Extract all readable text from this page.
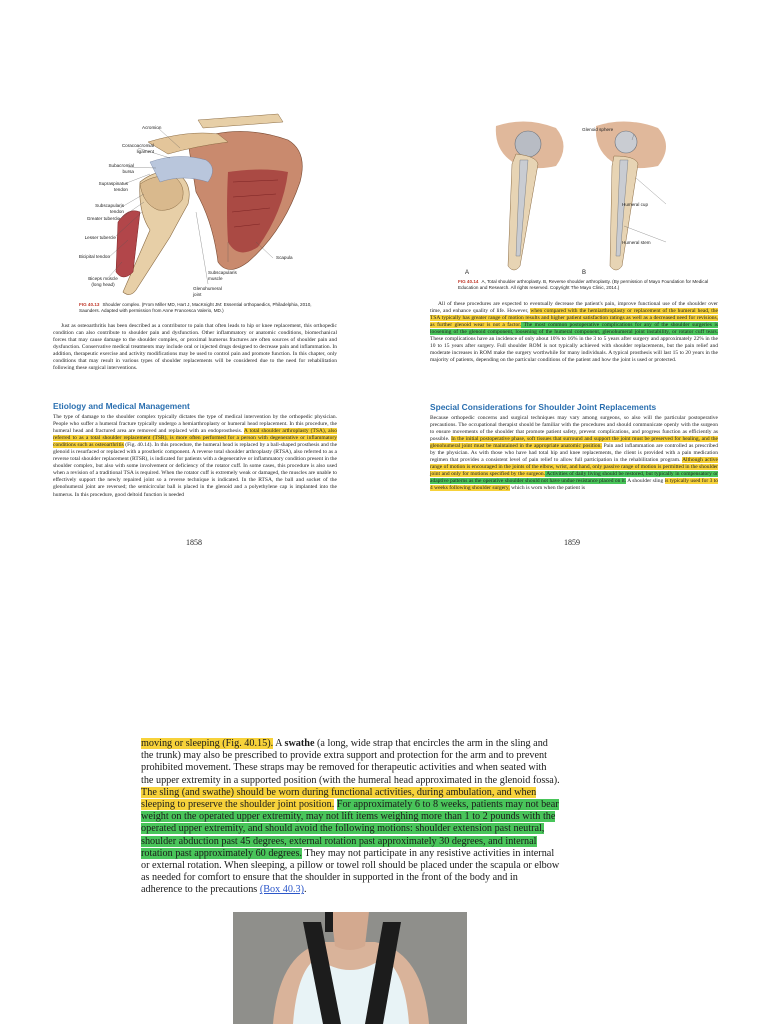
Acromion
Coracoacromial ligament
Subacromial bursa
Supraspinatus tendon
Subscapularis tendon
Greater tubercle
Lesser tubercle
Bicipital tendon
Biceps muscle (long head)
Glenohumeral joint
Subscapularis muscle
Scapula
FIG 40.13 Shoulder complex. (From Miller MD, Hart J, MacKnight JM: Essential orthopaedics, Philadelphia, 2010, Saunders. Adapted with permission from Anne Francesca Valerio, MD.)

Just as osteoarthritis has been described as a contributor to pain that often leads to hip or knee replacement, this orthopedic condition can also contribute to shoulder pain and dysfunction. Other inflammatory or anatomic conditions, biomechanical forces that may cause damage to the shoulder complex, or proximal humerus fractures are often sources of shoulder pain and dysfunction. Conservative medical treatments may include oral or injected drugs designed to decrease pain and inflammation. In addition, therapeutic exercise and activity modifications may be used to control pain and promote function. In this chapter, only conditions that may result in various types of shoulder replacements will be considered due to the need for rehabilitation following these surgical interventions.

Etiology and Medical Management

The type of damage to the shoulder complex typically dictates the type of medical intervention by the orthopedic physician. People who suffer a humeral fracture typically undergo a hemiarthroplasty or humeral head replacement. In this procedure, the humeral head and fractured area are removed and replaced with an endoprosthesis. A total shoulder arthroplasty (TSA), also referred to as a total shoulder replacement (TSR), is more often performed for a person with degenerative or inflammatory conditions such as osteoarthritis (Fig. 40.14). In this procedure, the humeral head is replaced by a ball-shaped prosthesis and the glenoid is resurfaced or replaced with a prosthetic component. A reverse total shoulder arthroplasty (RTSA), also referred to as a reverse total shoulder replacement (RTSR), is indicated for patients with a degenerative or inflammatory condition present in the shoulder complex, but also with some involvement or deficiency of the rotator cuff. In some cases, this procedure is also used when a revision of a traditional TSA is required. When the rotator cuff is extremely weak or damaged, the muscles are unable to effectively support the newly repaired joint so a reverse technique is indicated. In the RTSA, the ball and socket of the glenohumeral joint are reversed; the semicircular ball is placed in the glenoid and a polyethylene cap is implanted into the humerus. In this procedure, good deltoid function is needed

1858
Glenoid sphere
Humeral cup
Humeral stem
A	B
FIG 40.14 A, Total shoulder arthroplasty. B, Reverse shoulder arthroplasty. (By permission of Mayo Foundation for Medical Education and Research. All rights reserved. Copyright The Mayo Clinic, 2014.)

All of these procedures are expected to eventually decrease the patient's pain, improve functional use of the shoulder over time, and enhance quality of life. However, when compared with the hemiarthroplasty or replacement of the humeral head, the TSA typically has greater range of motion results and higher patient satisfaction ratings as well as a decreased need for revisions, as further glenoid wear is not a factor. The most common postoperative complications for any of the shoulder surgeries is loosening of the glenoid component, loosening of the humeral component, glenohumeral joint instability, or rotator cuff tears. These complications have an incidence of only about 10% to 16% in the 3 to 5 years after surgery and approximately 22% in the 10 to 15 years after surgery. Full shoulder ROM is not typically achieved with shoulder replacements, but the pain relief and moderate increases in ROM make the surgery worthwhile for many individuals. A typical prosthesis will last 15 to 20 years in the majority of patients, depending on the particular conditions of the patient and how the joint is used or protected.

Special Considerations for Shoulder Joint Replacements

Because orthopedic concerns and surgical techniques may vary among surgeons, so also will the particular postoperative precautions. The occupational therapist should be familiar with the procedures and should communicate openly with the surgeon to ensure movements of the shoulder that promote patient safety, prevent complications, and progress function as efficiently as possible. In the initial postoperative phase, soft tissues that surround and support the joint must be preserved for healing, and the glenohumeral joint must be maintained in the appropriate anatomic position. Pain and inflammation are controlled as prescribed by the physician. As with those who have had total hip and knee replacements, the client is provided with a pain medication regimen that provides a consistent level of pain relief to allow full participation in the rehabilitation program. Although active range of motion is encouraged in the joints of the elbow, wrist, and hand, only passive range of motion is permitted in the shoulder joint and only for motions specified by the surgeon. Activities of daily living should be restored, but typically in compensatory or adaptive patterns as the operative shoulder should not have undue resistance placed on it. A shoulder sling is typically used for 3 to 4 weeks following shoulder surgery, which is worn when the patient is

1859

moving or sleeping (Fig. 40.15). A swathe (a long, wide strap that encircles the arm in the sling and the trunk) may also be prescribed to provide extra support and protection for the arm and to prevent prohibited movement. These straps may be removed for therapeutic activities and when seated with the upper extremity in a supported position (with the humeral head approximated in the glenoid fossa). The sling (and swathe) should be worn during functional activities, during ambulation, and when sleeping to preserve the shoulder joint position. For approximately 6 to 8 weeks, patients may not bear weight on the operated upper extremity, may not lift items weighing more than 1 to 2 pounds with the operated upper extremity, and should avoid the following motions: shoulder extension past neutral, shoulder abduction past 45 degrees, external rotation past approximately 30 degrees, and internal rotation past approximately 60 degrees. They may not participate in any resistive activities in internal or external rotation. When sleeping, a pillow or towel roll should be placed under the scapula or elbow as needed for comfort to ensure that the shoulder in supported in the front of the body and in adherence to the precautions (Box 40.3).
